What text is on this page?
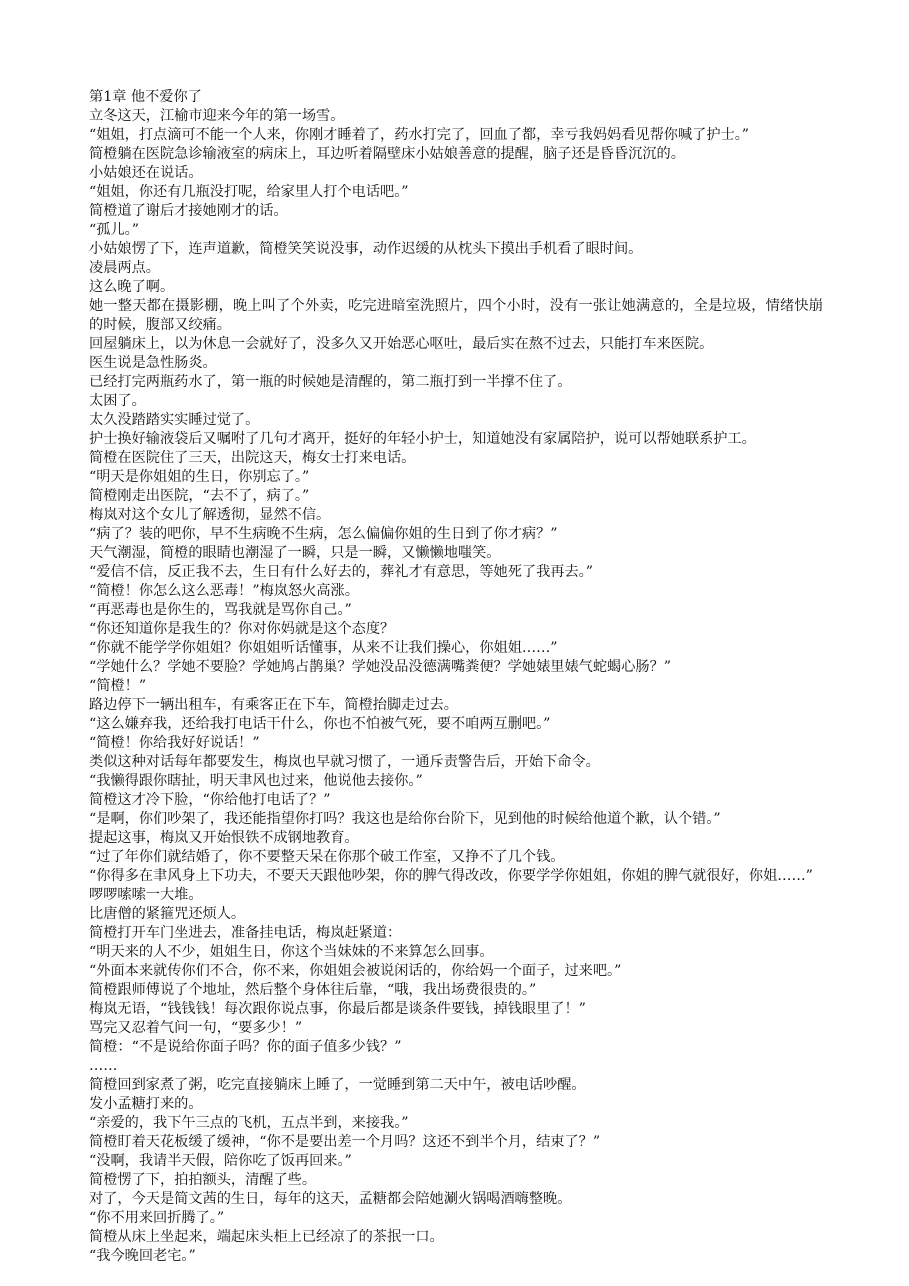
第1章 他不爱你了

立冬这天，江榆市迎来今年的第一场雪。

“姐姐，打点滴可不能一个人来，你刚才睡着了，药水打完了，回血了都，幸亏我妈妈看见帮你喊了护士。”

简橙躺在医院急诊输液室的病床上，耳边听着隔壁床小姑娘善意的提醒，脑子还是昏昏沉沉的。

小姑娘还在说话。

“姐姐，你还有几瓶没打呢，给家里人打个电话吧。”

简橙道了谢后才接她刚才的话。

“孤儿。”

小姑娘愣了下，连声道歉，简橙笑笑说没事，动作迟缓的从枕头下摸出手机看了眼时间。

凌晨两点。

这么晚了啊。

她一整天都在摄影棚，晚上叫了个外卖，吃完进暗室洗照片，四个小时，没有一张让她满意的，全是垃圾，情绪快崩的时候，腹部又绞痛。

回屋躺床上，以为休息一会就好了，没多久又开始恶心呕吐，最后实在熬不过去，只能打车来医院。

医生说是急性肠炎。

已经打完两瓶药水了，第一瓶的时候她是清醒的，第二瓶打到一半撑不住了。

太困了。

太久没踏踏实实睡过觉了。

护士换好输液袋后又嘱咐了几句才离开，挺好的年轻小护士，知道她没有家属陪护，说可以帮她联系护工。

简橙在医院住了三天，出院这天，梅女士打来电话。

“明天是你姐姐的生日，你别忘了。”

简橙刚走出医院，“去不了，病了。”

梅岚对这个女儿了解透彻，显然不信。

“病了？装的吧你，早不生病晚不生病，怎么偏偏你姐的生日到了你才病？”

天气潮湿，简橙的眼睛也潮湿了一瞬，只是一瞬，又懒懒地嗤笑。

“爱信不信，反正我不去，生日有什么好去的，葬礼才有意思，等她死了我再去。”

“简橙！你怎么这么恶毒！”梅岚怒火高涨。

“再恶毒也是你生的，骂我就是骂你自己。”

“你还知道你是我生的？你对你妈就是这个态度？

“你就不能学学你姐姐？你姐姐听话懂事，从来不让我们操心，你姐姐……”

“学她什么？学她不要脸？学她鸠占鹊巢？学她没品没德满嘴粪便？学她婊里婊气蛇蝎心肠？”

“简橙！”

路边停下一辆出租车，有乘客正在下车，简橙抬脚走过去。

“这么嫌弃我，还给我打电话干什么，你也不怕被气死，要不咱两互删吧。”

“简橙！你给我好好说话！”

类似这种对话每年都要发生，梅岚也早就习惯了，一通斥责警告后，开始下命令。

“我懒得跟你瞎扯，明天聿风也过来，他说他去接你。”

简橙这才冷下脸，“你给他打电话了？”

“是啊，你们吵架了，我还能指望你打吗？我这也是给你台阶下，见到他的时候给他道个歉，认个错。”

提起这事，梅岚又开始恨铁不成钢地教育。

“过了年你们就结婚了，你不要整天呆在你那个破工作室，又挣不了几个钱。

“你得多在聿风身上下功夫，不要天天跟他吵架，你的脾气得改改，你要学学你姐姐，你姐的脾气就很好，你姐……”

啰啰嗦嗦一大堆。

比唐僧的紧箍咒还烦人。

简橙打开车门坐进去，准备挂电话，梅岚赶紧道：

“明天来的人不少，姐姐生日，你这个当妹妹的不来算怎么回事。

“外面本来就传你们不合，你不来，你姐姐会被说闲话的，你给妈一个面子，过来吧。”

简橙跟师傅说了个地址，然后整个身体往后靠，“哦，我出场费很贵的。”

梅岚无语，“钱钱钱！每次跟你说点事，你最后都是谈条件要钱，掉钱眼里了！”

骂完又忍着气问一句，“要多少！”

简橙：“不是说给你面子吗？你的面子值多少钱？”

……

简橙回到家煮了粥，吃完直接躺床上睡了，一觉睡到第二天中午，被电话吵醒。

发小孟糖打来的。

“亲爱的，我下午三点的飞机，五点半到，来接我。”

简橙盯着天花板缓了缓神，“你不是要出差一个月吗？这还不到半个月，结束了？”

“没啊，我请半天假，陪你吃了饭再回来。”

简橙愣了下，拍拍额头，清醒了些。

对了，今天是简文茜的生日，每年的这天，孟糖都会陪她涮火锅喝酒嗨整晚。

“你不用来回折腾了。”

简橙从床上坐起来，端起床头柜上已经凉了的茶抿一口。

“我今晚回老宅。”
